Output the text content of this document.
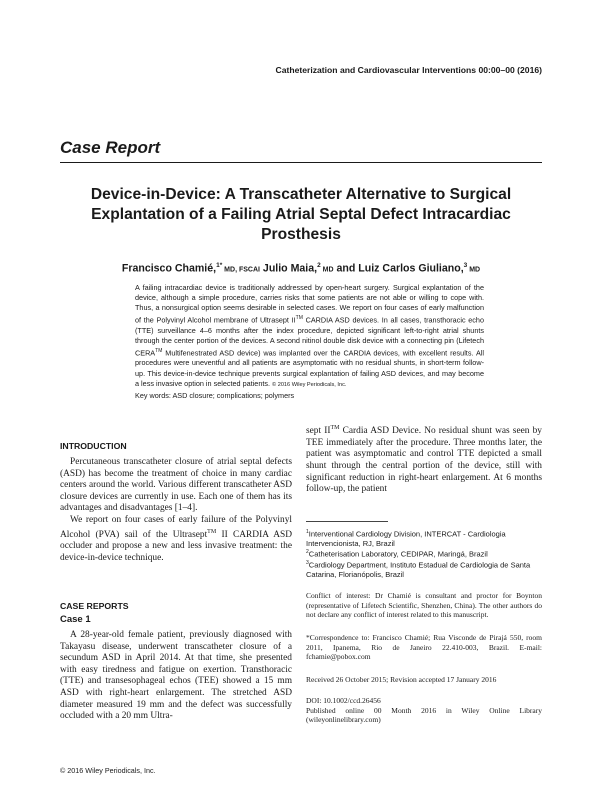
Catheterization and Cardiovascular Interventions 00:00–00 (2016)
Case Report
Device-in-Device: A Transcatheter Alternative to Surgical Explantation of a Failing Atrial Septal Defect Intracardiac Prosthesis
Francisco Chamié,$^{1*}$ MD, FSCAI Julio Maia,$^2$ MD and Luiz Carlos Giuliano,$^3$ MD

A failing intracardiac device is traditionally addressed by open-heart surgery. Surgical explantation of the device, although a simple procedure, carries risks that some patients are not able or willing to cope with. Thus, a nonsurgical option seems desirable in selected cases. We report on four cases of early malfunction of the Polyvinyl Alcohol membrane of Ultrasept II™ CARDIA ASD devices. In all cases, transthoracic echo (TTE) surveillance 4–6 months after the index procedure, depicted significant left-to-right atrial shunts through the center portion of the devices. A second nitinol double disk device with a connecting pin (Lifetech CERA™ Multifenestrated ASD device) was implanted over the CARDIA devices, with excellent results. All procedures were uneventful and all patients are asymptomatic with no residual shunts, in short-term follow-up. This device-in-device technique prevents surgical explantation of failing ASD devices, and may become a less invasive option in selected patients. © 2016 Wiley Periodicals, Inc.

Key words: ASD closure; complications; polymers
INTRODUCTION

Percutaneous transcatheter closure of atrial septal defects (ASD) has become the treatment of choice in many cardiac centers around the world. Various different transcatheter ASD closure devices are currently in use. Each one of them has its advantages and disadvantages [1–4].

We report on four cases of early failure of the Polyvinyl Alcohol (PVA) sail of the Ultrasept™ II CARDIA ASD occluder and propose a new and less invasive treatment: the device-in-device technique.

CASE REPORTS
Case 1

A 28-year-old female patient, previously diagnosed with Takayasu disease, underwent transcatheter closure of a secundum ASD in April 2014. At that time, she presented with easy tiredness and fatigue on exertion. Transthoracic (TTE) and transesophageal echos (TEE) showed a 15 mm ASD with right-heart enlargement. The stretched ASD diameter measured 19 mm and the defect was successfully occluded with a 20 mm Ultra-

sept II™ Cardia ASD Device. No residual shunt was seen by TEE immediately after the procedure. Three months later, the patient was asymptomatic and control TTE depicted a small shunt through the central portion of the device, still with significant reduction in right-heart enlargement. At 6 months follow-up, the patient

$^1$Interventional Cardiology Division, INTERCAT - Cardiologia Intervencionista, RJ, Brazil

$^2$Catheterisation Laboratory, CEDIPAR, Maringá, Brazil

$^3$Cardiology Department, Instituto Estadual de Cardiologia de Santa Catarina, Florianópolis, Brazil

Conflict of interest: Dr Chamié is consultant and proctor for Boynton (representative of Lifetech Scientific, Shenzhen, China). The other authors do not declare any conflict of interest related to this manuscript.

*Correspondence to: Francisco Chamié; Rua Visconde de Pirajá 550, room 2011, Ipanema, Rio de Janeiro 22.410-003, Brazil. E-mail: fchamie@pobox.com

Received 26 October 2015; Revision accepted 17 January 2016

DOI: 10.1002/ccd.26456

Published online 00 Month 2016 in Wiley Online Library (wileyonlinelibrary.com)

© 2016 Wiley Periodicals, Inc.
